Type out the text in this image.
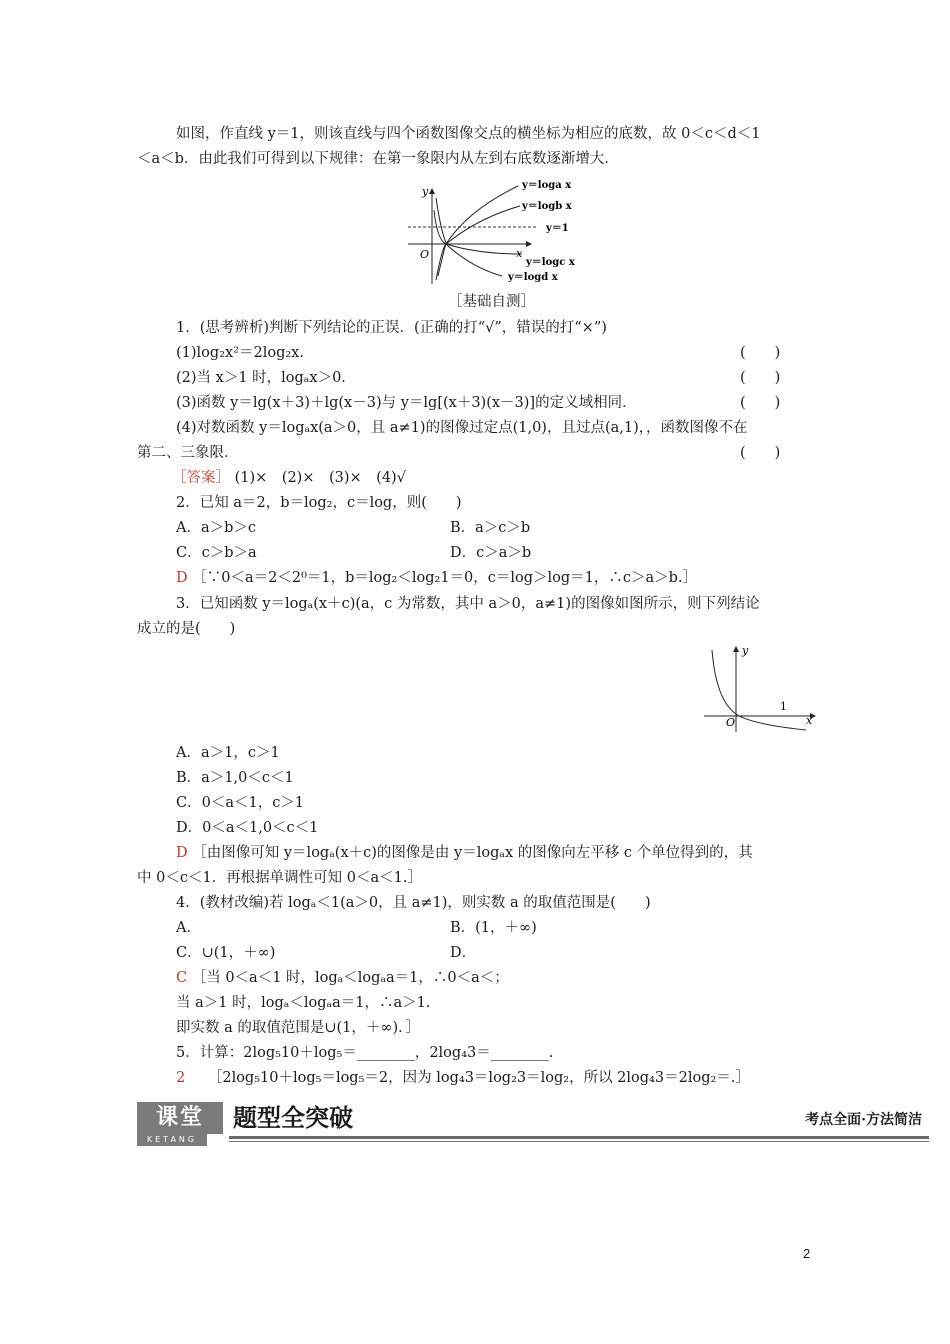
如图，作直线 y＝1，则该直线与四个函数图像交点的横坐标为相应的底数，故 0＜c＜d＜1
＜a＜b．由此我们可得到以下规律：在第一象限内从左到右底数逐渐增大．
y
x
O
y＝1
y＝loga x
y＝logb x
y＝logc x
y＝logd x
［基础自测］
1．(思考辨析)判断下列结论的正误．(正确的打“√”，错误的打“×”)
(1)log₂x²＝2log₂x．	(　　)
(2)当 x＞1 时，logₐx＞0．	(　　)
(3)函数 y＝lg(x＋3)＋lg(x－3)与 y＝lg[(x＋3)(x－3)]的定义域相同．	(　　)
(4)对数函数 y＝logₐx(a＞0，且 a≠1)的图像过定点(1,0)，且过点(a,1)，，函数图像不在
第二、三象限．	(　　)
［答案］ (1)×　(2)×　(3)×　(4)√
2．已知 a＝2，b＝log₂，c＝log，则(　　)
A．a＞b＞c	B．a＞c＞b
C．c＞b＞a	D．c＞a＞b
D ［∵0＜a＝2＜2⁰＝1，b＝log₂＜log₂1＝0，c＝log＞log＝1，∴c＞a＞b.］
3．已知函数 y＝logₐ(x＋c)(a，c 为常数，其中 a＞0，a≠1)的图像如图所示，则下列结论
成立的是(　　)
y
x
O
1
A．a＞1，c＞1
B．a＞1,0＜c＜1
C．0＜a＜1，c＞1
D．0＜a＜1,0＜c＜1
D ［由图像可知 y＝logₐ(x＋c)的图像是由 y＝logₐx 的图像向左平移 c 个单位得到的，其
中 0＜c＜1．再根据单调性可知 0＜a＜1.］
4．(教材改编)若 logₐ＜1(a＞0，且 a≠1)，则实数 a 的取值范围是(　　)
A．	B．(1，＋∞)
C．∪(1，＋∞)	D．
C ［当 0＜a＜1 时，logₐ＜logₐa＝1，∴0＜a＜；
当 a＞1 时，logₐ＜logₐa＝1，∴a＞1.
即实数 a 的取值范围是∪(1，＋∞)．］
5．计算：2log₅10＋log₅＝________，2log₄3＝________.
2 ［2log₅10＋log₅＝log₅＝2，因为 log₄3＝log₂3＝log₂，所以 2log₄3＝2log₂＝.］
课堂
KETANG
题型全突破	考点全面·方法简洁
2
